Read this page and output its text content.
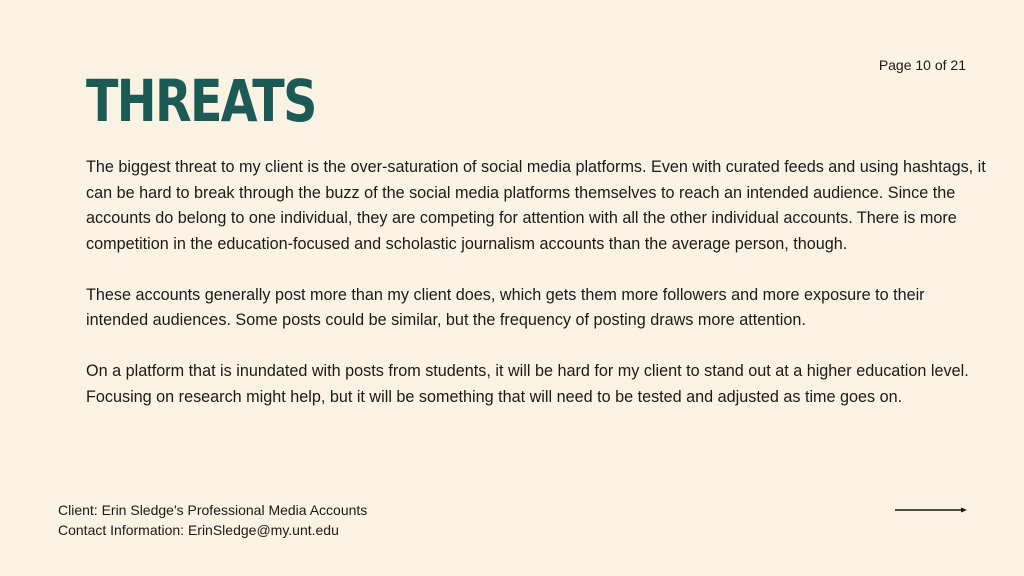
Page 10 of 21
THREATS

The biggest threat to my client is the over-saturation of social media platforms. Even with curated feeds and using hashtags, it can be hard to break through the buzz of the social media platforms themselves to reach an intended audience. Since the accounts do belong to one individual, they are competing for attention with all the other individual accounts. There is more competition in the education-focused and scholastic journalism accounts than the average person, though.

These accounts generally post more than my client does, which gets them more followers and more exposure to their intended audiences. Some posts could be similar, but the frequency of posting draws more attention.

On a platform that is inundated with posts from students, it will be hard for my client to stand out at a higher education level. Focusing on research might help, but it will be something that will need to be tested and adjusted as time goes on.

Client: Erin Sledge's Professional Media Accounts
Contact Information: ErinSledge@my.unt.edu
